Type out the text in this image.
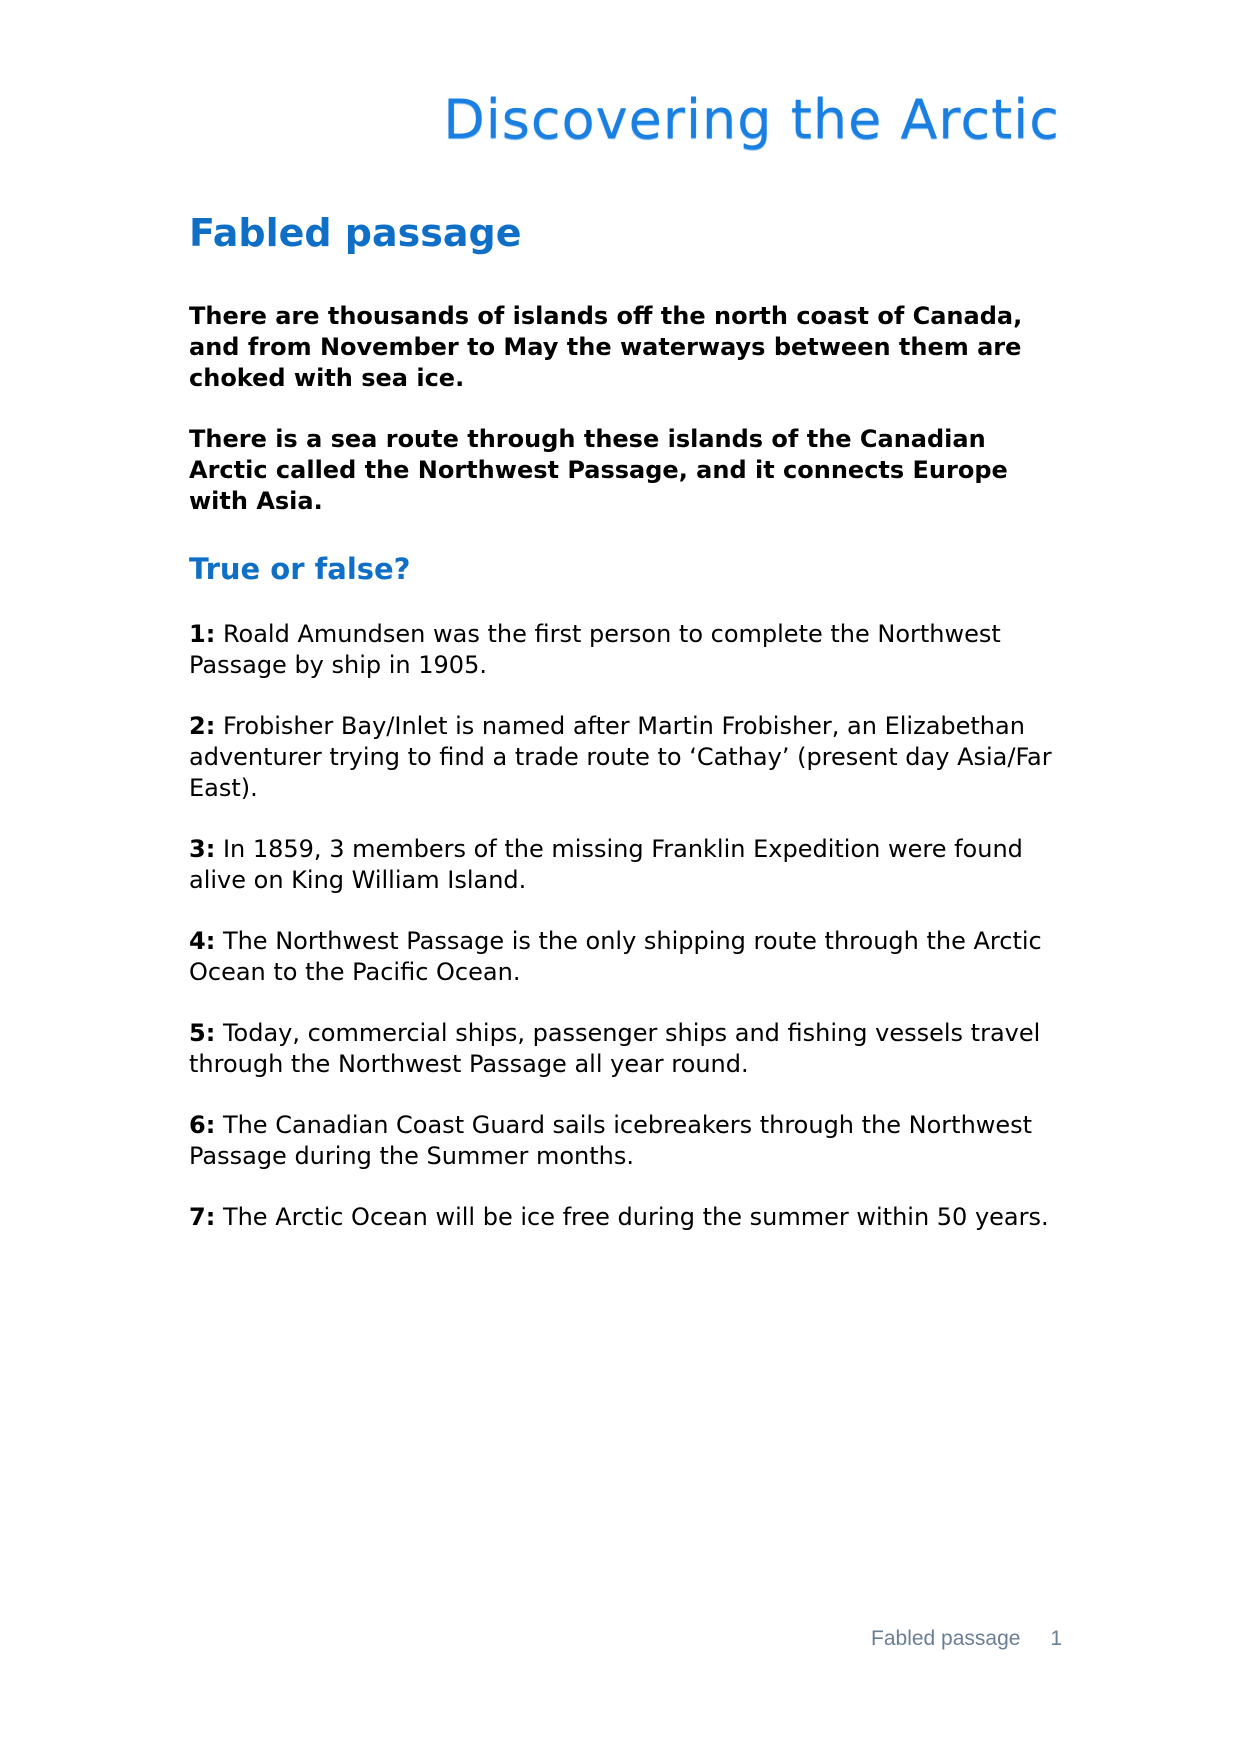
Discovering the Arctic
Fabled passage

There are thousands of islands off the north coast of Canada, and from November to May the waterways between them are choked with sea ice.

There is a sea route through these islands of the Canadian Arctic called the Northwest Passage, and it connects Europe with Asia.

True or false?
1: Roald Amundsen was the first person to complete the Northwest Passage by ship in 1905.
2: Frobisher Bay/Inlet is named after Martin Frobisher, an Elizabethan adventurer trying to find a trade route to ‘Cathay’ (present day Asia/Far East).
3: In 1859, 3 members of the missing Franklin Expedition were found alive on King William Island.
4: The Northwest Passage is the only shipping route through the Arctic Ocean to the Pacific Ocean.
5: Today, commercial ships, passenger ships and fishing vessels travel through the Northwest Passage all year round.
6: The Canadian Coast Guard sails icebreakers through the Northwest Passage during the Summer months.
7: The Arctic Ocean will be ice free during the summer within 50 years.
Fabled passage 1
